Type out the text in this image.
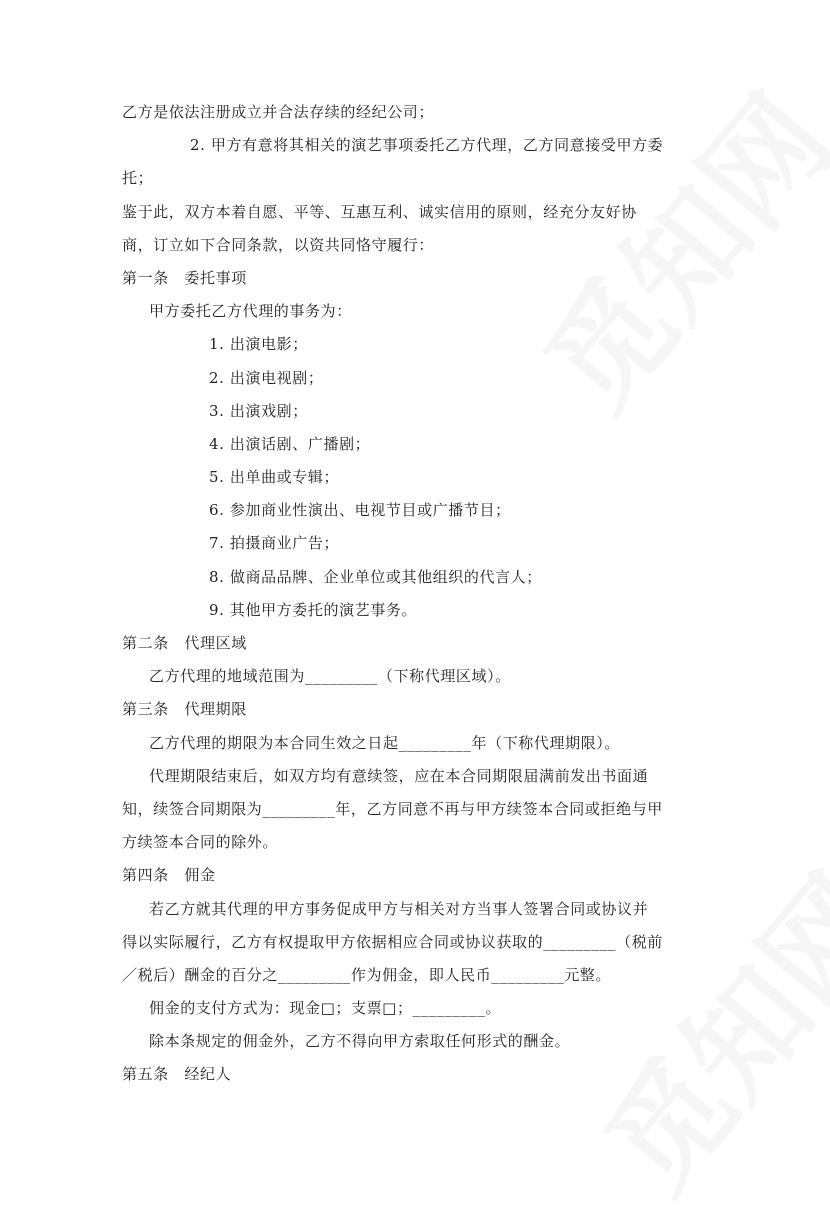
乙方是依法注册成立并合法存续的经纪公司；
2. 甲方有意将其相关的演艺事项委托乙方代理，乙方同意接受甲方委
托；
鉴于此，双方本着自愿、平等、互惠互利、诚实信用的原则，经充分友好协
商，订立如下合同条款，以资共同恪守履行：
第一条　委托事项
甲方委托乙方代理的事务为：
1. 出演电影；
2. 出演电视剧；
3. 出演戏剧；
4. 出演话剧、广播剧；
5. 出单曲或专辑；
6. 参加商业性演出、电视节目或广播节目；
7. 拍摄商业广告；
8. 做商品品牌、企业单位或其他组织的代言人；
9. 其他甲方委托的演艺事务。
第二条　代理区域
乙方代理的地域范围为_________（下称代理区域）。
第三条　代理期限
乙方代理的期限为本合同生效之日起_________年（下称代理期限）。
代理期限结束后，如双方均有意续签，应在本合同期限届满前发出书面通
知，续签合同期限为_________年，乙方同意不再与甲方续签本合同或拒绝与甲
方续签本合同的除外。
第四条　佣金
若乙方就其代理的甲方事务促成甲方与相关对方当事人签署合同或协议并
得以实际履行，乙方有权提取甲方依据相应合同或协议获取的_________（税前
／税后）酬金的百分之_________作为佣金，即人民币_________元整。
佣金的支付方式为：现金□；支票□；_________。
除本条规定的佣金外，乙方不得向甲方索取任何形式的酬金。
第五条　经纪人
